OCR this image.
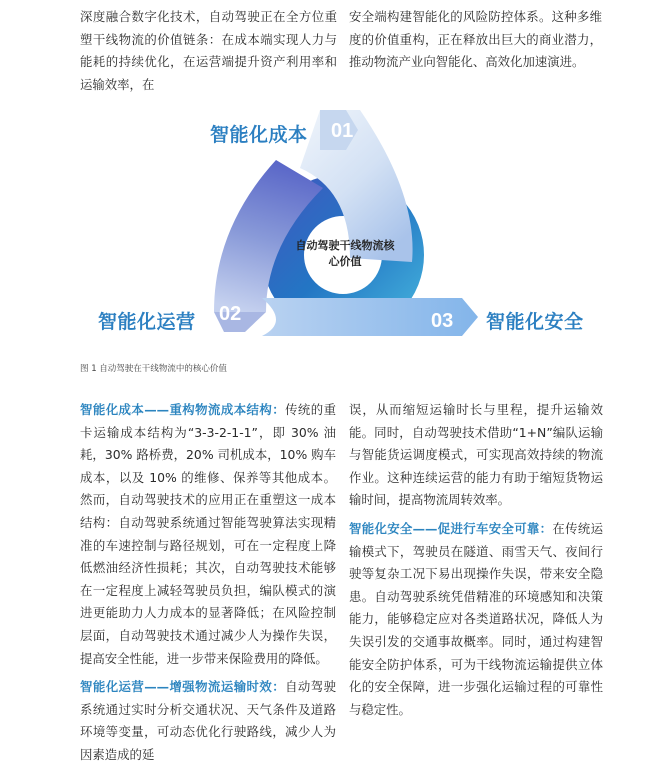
深度融合数字化技术，自动驾驶正在全方位重塑干线物流的价值链条：在成本端实现人力与能耗的持续优化，在运营端提升资产利用率和运输效率，在

安全端构建智能化的风险防控体系。这种多维度的价值重构，正在释放出巨大的商业潜力，推动物流产业向智能化、高效化加速演进。

自动驾驶干线物流核心价值
智能化成本
智能化运营	智能化安全
01
02	03
图 1 自动驾驶在干线物流中的核心价值

智能化成本——重构物流成本结构：传统的重卡运输成本结构为“3-3-2-1-1”，即 30% 油耗，30% 路桥费，20% 司机成本，10% 购车成本，以及 10% 的维修、保养等其他成本。然而，自动驾驶技术的应用正在重塑这一成本结构：自动驾驶系统通过智能驾驶算法实现精准的车速控制与路径规划，可在一定程度上降低燃油经济性损耗；其次，自动驾驶技术能够在一定程度上减轻驾驶员负担，编队模式的演进更能助力人力成本的显著降低；在风险控制层面，自动驾驶技术通过减少人为操作失误，提高安全性能，进一步带来保险费用的降低。

智能化运营——增强物流运输时效：自动驾驶系统通过实时分析交通状况、天气条件及道路环境等变量，可动态优化行驶路线，减少人为因素造成的延

误，从而缩短运输时长与里程，提升运输效能。同时，自动驾驶技术借助“1+N”编队运输与智能货运调度模式，可实现高效持续的物流作业。这种连续运营的能力有助于缩短货物运输时间，提高物流周转效率。

智能化安全——促进行车安全可靠：在传统运输模式下，驾驶员在隧道、雨雪天气、夜间行驶等复杂工况下易出现操作失误，带来安全隐患。自动驾驶系统凭借精准的环境感知和决策能力，能够稳定应对各类道路状况，降低人为失误引发的交通事故概率。同时，通过构建智能安全防护体系，可为干线物流运输提供立体化的安全保障，进一步强化运输过程的可靠性与稳定性。
